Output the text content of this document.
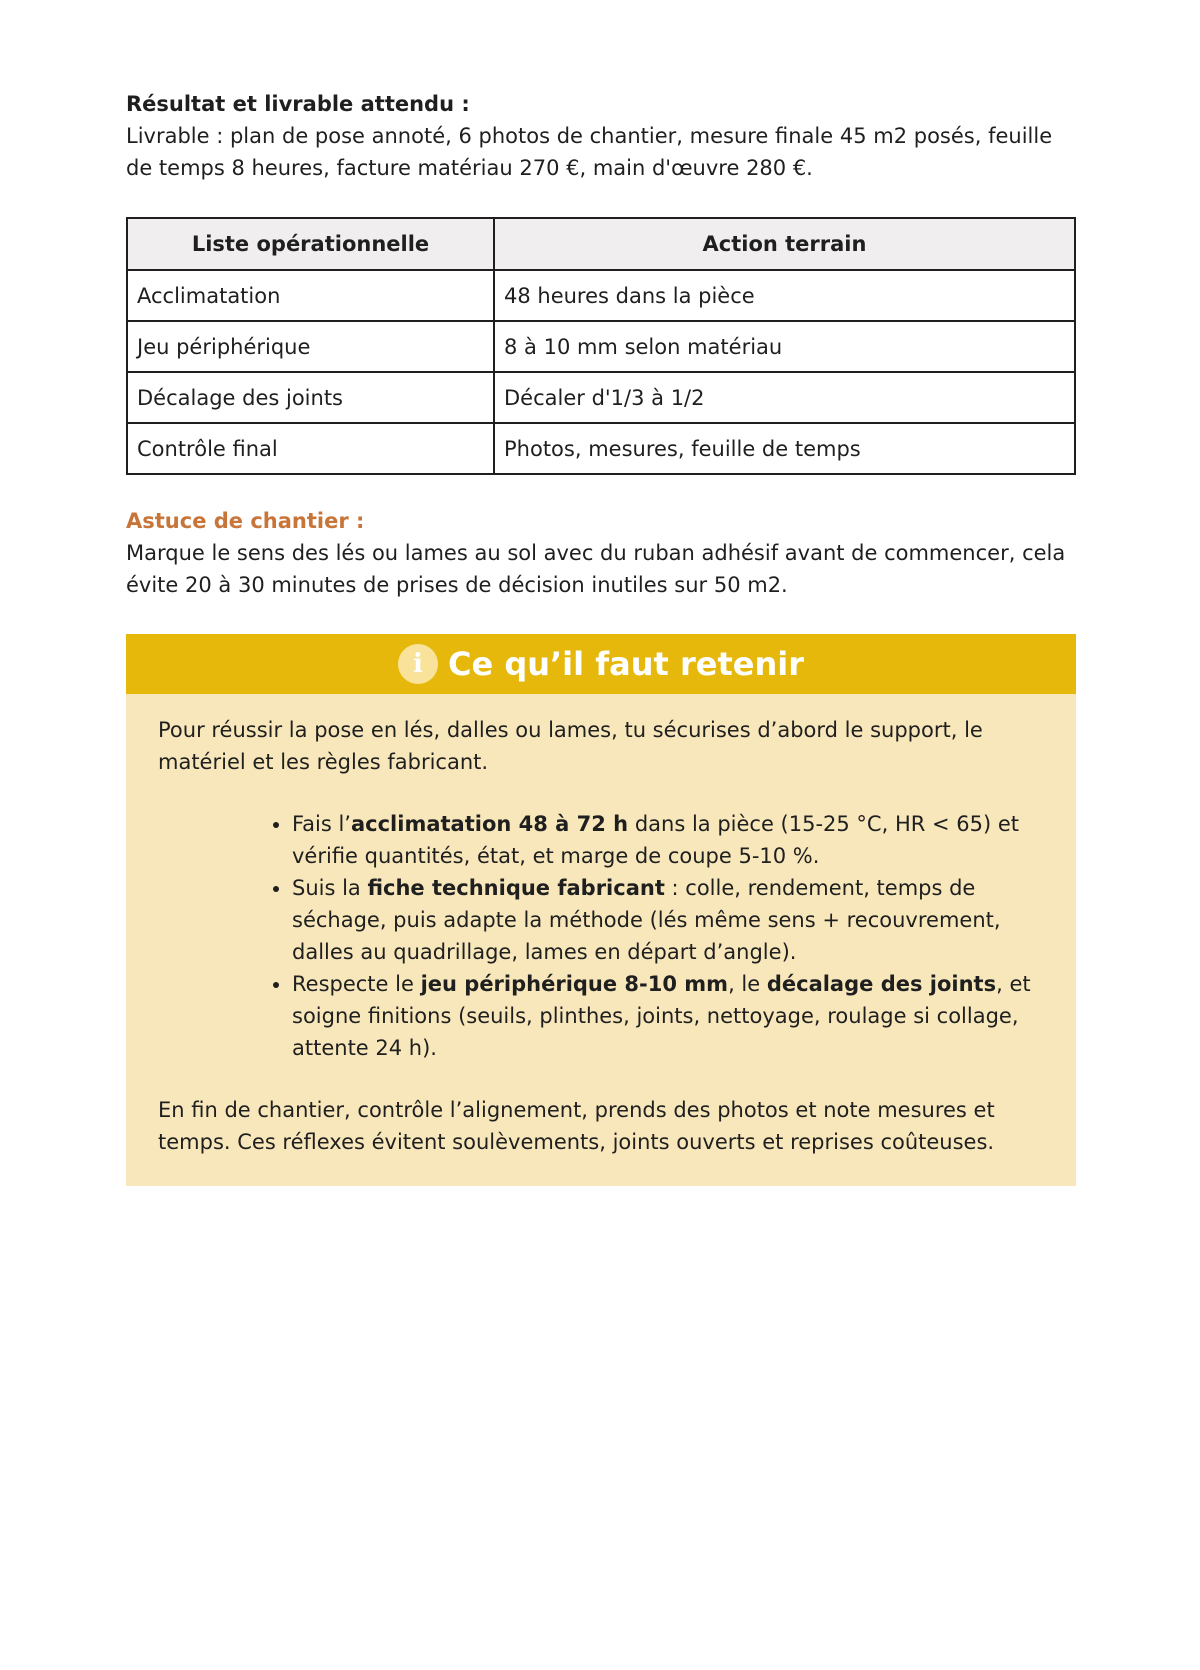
Résultat et livrable attendu :

Livrable : plan de pose annoté, 6 photos de chantier, mesure finale 45 m2 posés, feuille de temps 8 heures, facture matériau 270 €, main d'œuvre 280 €.

Liste opérationnelle	Action terrain
Acclimatation	48 heures dans la pièce
Jeu périphérique	8 à 10 mm selon matériau
Décalage des joints	Décaler d'1/3 à 1/2
Contrôle final	Photos, mesures, feuille de temps

Astuce de chantier :

Marque le sens des lés ou lames au sol avec du ruban adhésif avant de commencer, cela évite 20 à 30 minutes de prises de décision inutiles sur 50 m2.

i Ce qu’il faut retenir

Pour réussir la pose en lés, dalles ou lames, tu sécurises d’abord le support, le matériel et les règles fabricant.

• Fais l’acclimatation 48 à 72 h dans la pièce (15-25 °C, HR < 65) et vérifie quantités, état, et marge de coupe 5-10 %.
• Suis la fiche technique fabricant : colle, rendement, temps de séchage, puis adapte la méthode (lés même sens + recouvrement, dalles au quadrillage, lames en départ d’angle).
• Respecte le jeu périphérique 8-10 mm, le décalage des joints, et soigne finitions (seuils, plinthes, joints, nettoyage, roulage si collage, attente 24 h).

En fin de chantier, contrôle l’alignement, prends des photos et note mesures et temps. Ces réflexes évitent soulèvements, joints ouverts et reprises coûteuses.
